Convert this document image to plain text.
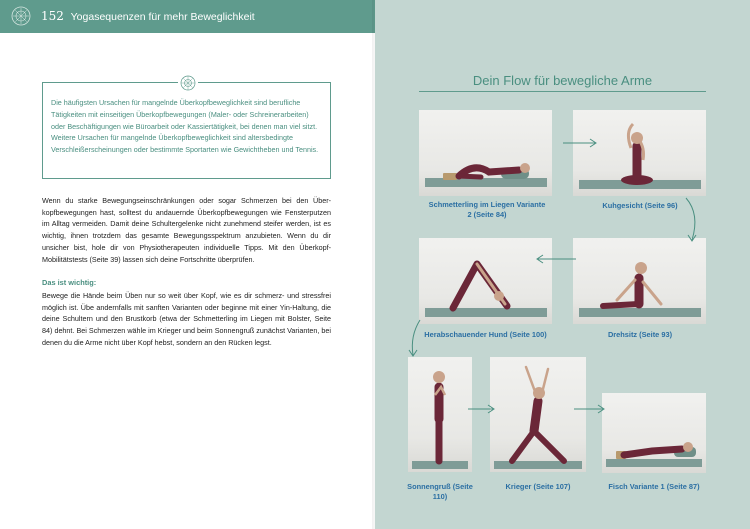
152 Yogasequenzen für mehr Beweglichkeit

Die häufigsten Ursachen für mangelnde Überkopfbeweglichkeit sind berufliche Tätigkeiten mit einseitigen Überkopfbewegungen (Maler- oder Schreinerarbeiten) oder Beschäftigungen wie Büroarbeit oder Kassiertätigkeit, bei denen man viel sitzt. Weitere Ursachen für mangelnde Überkopfbeweglichkeit sind altersbedingte Verschleißerscheinungen oder bestimmte Sportarten wie Gewichtheben und Tennis.

Wenn du starke Bewegungseinschränkungen oder sogar Schmerzen bei den Überkopfbewegungen hast, solltest du andauernde Überkopfbewegungen wie Fensterputzen im Alltag vermeiden. Damit deine Schultergelenke nicht zunehmend steifer werden, ist es wichtig, ihnen trotzdem das gesamte Bewegungsspektrum anzubieten. Wenn du dir unsicher bist, hole dir von Physiotherapeuten individuelle Tipps. Mit den Überkopf-Mobilitätstests (Seite 39) lassen sich deine Fortschritte überprüfen.

Das ist wichtig:

Bewege die Hände beim Üben nur so weit über Kopf, wie es dir schmerz- und stressfrei möglich ist. Übe andernfalls mit sanften Varianten oder beginne mit einer Yin-Haltung, die deine Schultern und den Brustkorb (etwa der Schmetterling im Liegen mit Bolster, Seite 84) dehnt. Bei Schmerzen wähle im Krieger und beim Sonnengruß zunächst Varianten, bei denen du die Arme nicht über Kopf hebst, sondern an den Rücken legst.

Dein Flow für bewegliche Arme
Schmetterling im Liegen Variante 2 (Seite 84)
Kuhgesicht (Seite 96)
Herabschauender Hund (Seite 100)	Drehsitz (Seite 93)
Sonnengruß (Seite 110)
Krieger (Seite 107)	Fisch Variante 1 (Seite 87)
